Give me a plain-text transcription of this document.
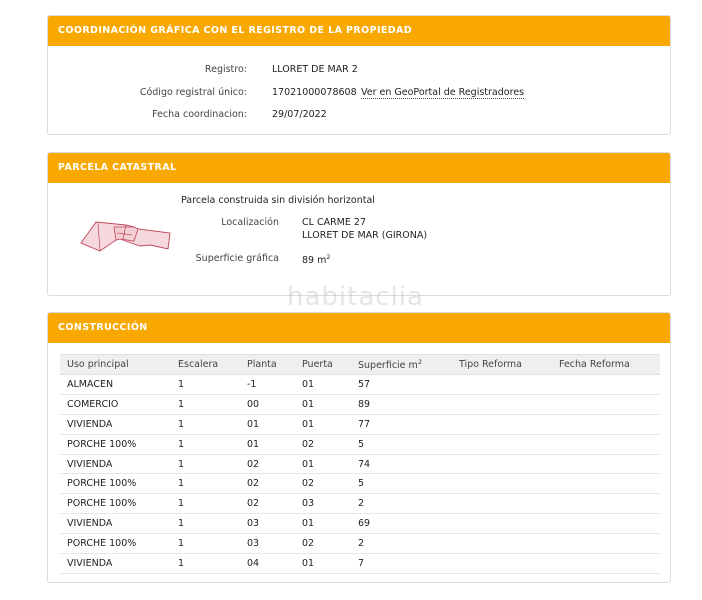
COORDINACIÓN GRÁFICA CON EL REGISTRO DE LA PROPIEDAD
Registro:	LLORET DE MAR 2
Código registral único:	17021000078608 Ver en GeoPortal de Registradores
Fecha coordinacion:	29/07/2022
PARCELA CATASTRAL
Parcela construida sin división horizontal
Localización CL CARME 27
LLORET DE MAR (GIRONA)
Superficie gráfica 89 $m^2$
habitaclia
CONSTRUCCIÓN
Uso principal	Escalera	Planta	Puerta	Superficie $m^2$	Tipo Reforma	Fecha Reforma
ALMACEN	1	-1	01	57		
COMERCIO	1	00	01	89		
VIVIENDA	1	01	01	77		
PORCHE 100%	1	01	02	5		
VIVIENDA	1	02	01	74		
PORCHE 100%	1	02	02	5		
PORCHE 100%	1	02	03	2		
VIVIENDA	1	03	01	69		
PORCHE 100%	1	03	02	2		
VIVIENDA	1	04	01	7		
